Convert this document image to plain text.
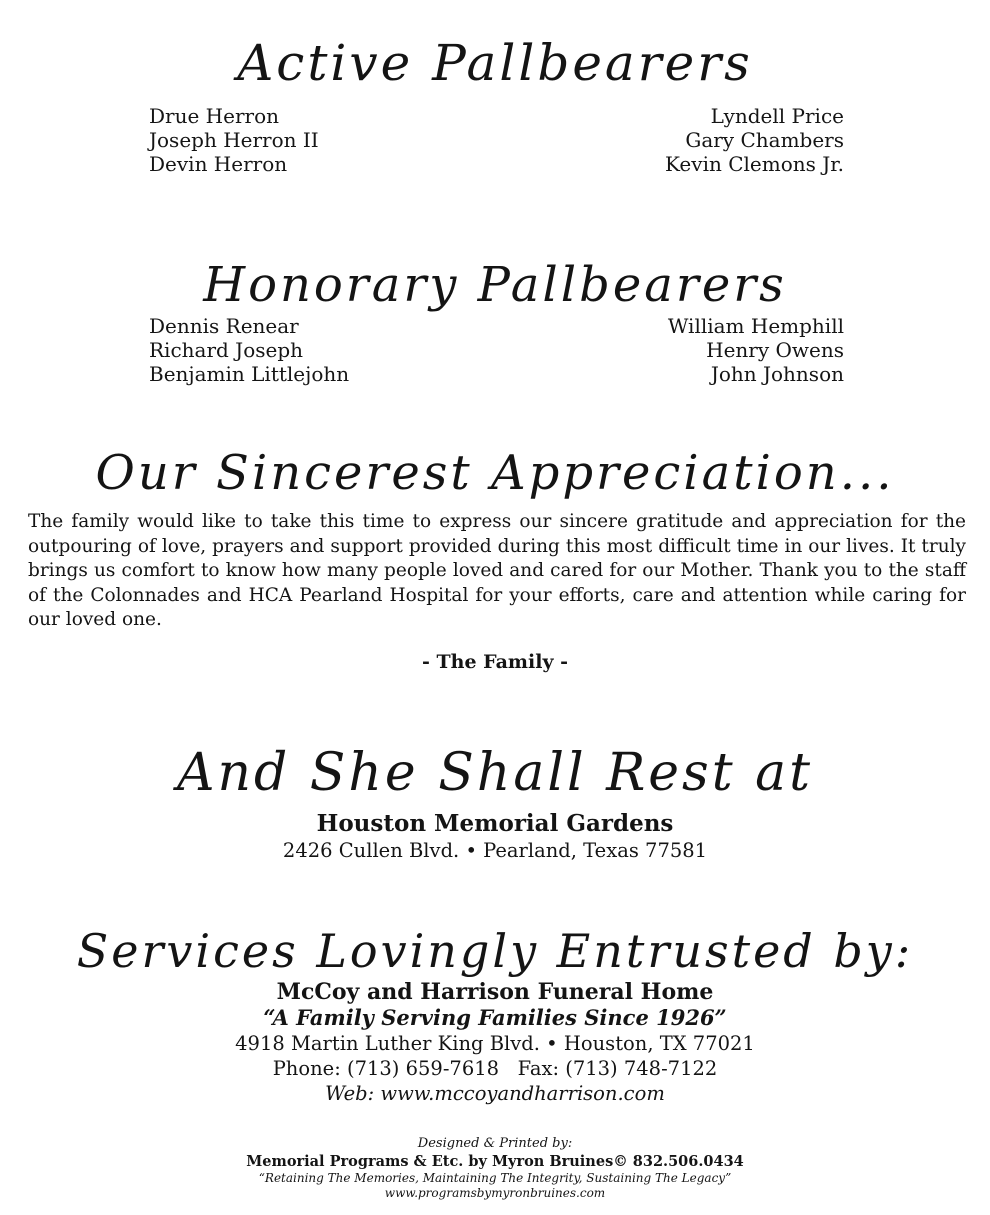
Active Pallbearers
Drue Herron
Joseph Herron II
Devin Herron
Lyndell Price
Gary Chambers
Kevin Clemons Jr.
Honorary Pallbearers
Dennis Renear
Richard Joseph
Benjamin Littlejohn
William Hemphill
Henry Owens
John Johnson
Our Sincerest Appreciation...

The family would like to take this time to express our sincere gratitude and appreciation for the outpouring of love, prayers and support provided during this most difficult time in our lives. It truly brings us comfort to know how many people loved and cared for our Mother. Thank you to the staff of the Colonnades and HCA Pearland Hospital for your efforts, care and attention while caring for our loved one.

- The Family -
And She Shall Rest at
Houston Memorial Gardens
2426 Cullen Blvd. • Pearland, Texas 77581
Services Lovingly Entrusted by:
McCoy and Harrison Funeral Home
“A Family Serving Families Since 1926”
4918 Martin Luther King Blvd. • Houston, TX 77021
Phone: (713) 659-7618   Fax: (713) 748-7122
Web: www.mccoyandharrison.com
Designed & Printed by:
Memorial Programs & Etc. by Myron Bruines© 832.506.0434
“Retaining The Memories, Maintaining The Integrity, Sustaining The Legacy”
www.programsbymyronbruines.com
